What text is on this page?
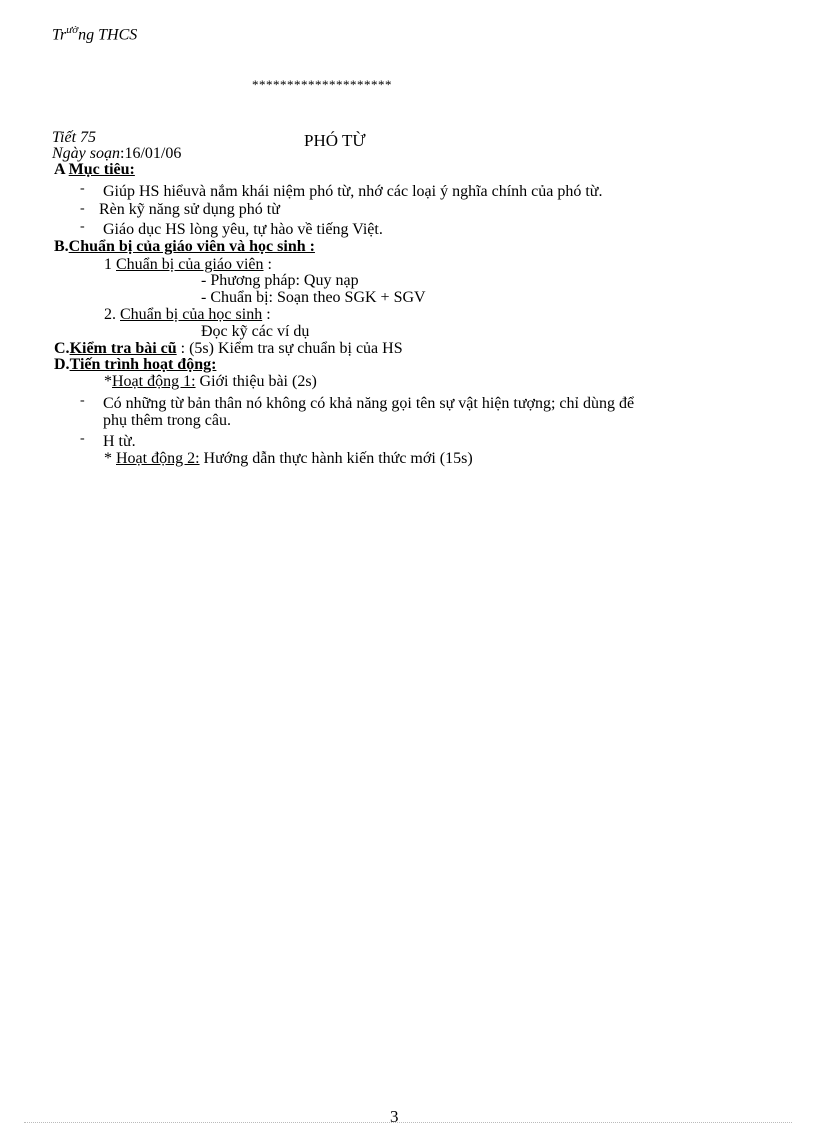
$Tr^{ườ}ng$ THCS
********************
Tiết 75	PHÓ TỪ
Ngày soạn:16/01/06
A Mục tiêu:
- Giúp HS hiểuvà nắm khái niệm phó từ, nhớ các loại ý nghĩa chính của phó từ.
- Rèn kỹ năng sử dụng phó từ
- Giáo dục HS lòng yêu, tự hào về tiếng Việt.
B.Chuẩn bị của giáo viên và học sinh :
1 Chuẩn bị của giáo viên :
- Phương pháp: Quy nạp
- Chuẩn bị: Soạn theo SGK + SGV
2. Chuẩn bị của học sinh :
Đọc kỹ các ví dụ
C.Kiểm tra bài cũ : (5s) Kiểm tra sự chuẩn bị của HS
D.Tiến trình hoạt động:
*Hoạt động 1: Giới thiệu bài (2s)
- Có những từ bản thân nó không có khả năng gọi tên sự vật hiện tượng; chỉ dùng để
phụ thêm trong câu.
- H từ.
* Hoạt động 2: Hướng dẫn thực hành kiến thức mới (15s)
3
